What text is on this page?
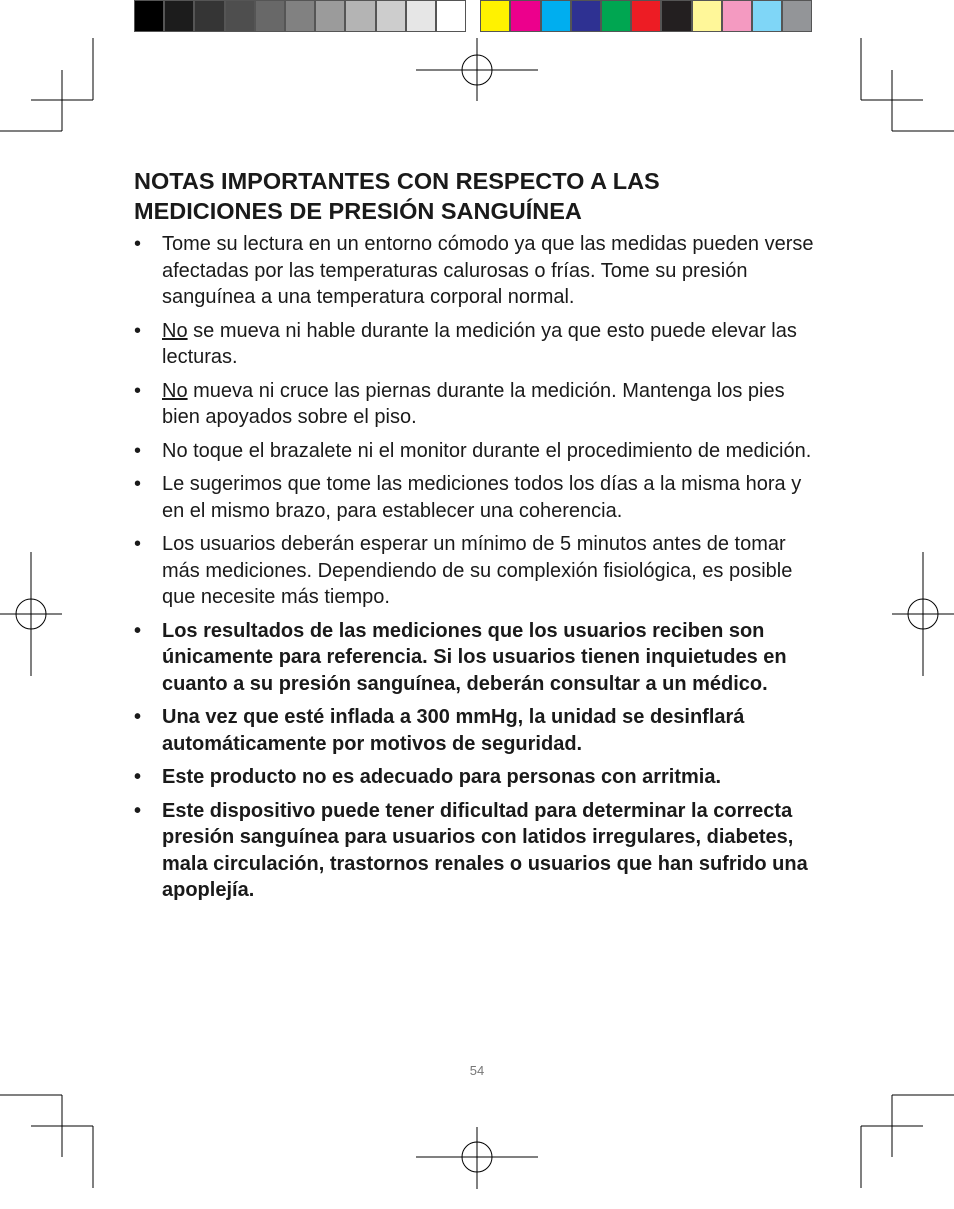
NOTAS IMPORTANTES CON RESPECTO A LAS
MEDICIONES DE PRESIÓN SANGUÍNEA
• Tome su lectura en un entorno cómodo ya que las medidas pueden verse afectadas por las temperaturas calurosas o frías. Tome su presión sanguínea a una temperatura corporal normal.
• No se mueva ni hable durante la medición ya que esto puede elevar las lecturas.
• No mueva ni cruce las piernas durante la medición. Mantenga los pies bien apoyados sobre el piso.
• No toque el brazalete ni el monitor durante el procedimiento de medición.
• Le sugerimos que tome las mediciones todos los días a la misma hora y en el mismo brazo, para establecer una coherencia.
• Los usuarios deberán esperar un mínimo de 5 minutos antes de tomar más mediciones. Dependiendo de su complexión fisiológica, es posible que necesite más tiempo.
• Los resultados de las mediciones que los usuarios reciben son únicamente para referencia. Si los usuarios tienen inquietudes en cuanto a su presión sanguínea, deberán consultar a un médico.
• Una vez que esté inflada a 300 mmHg, la unidad se desinflará automáticamente por motivos de seguridad.
• Este producto no es adecuado para personas con arritmia.
• Este dispositivo puede tener dificultad para determinar la correcta presión sanguínea para usuarios con latidos irregulares, diabetes, mala circulación, trastornos renales o usuarios que han sufrido una apoplejía.
54
